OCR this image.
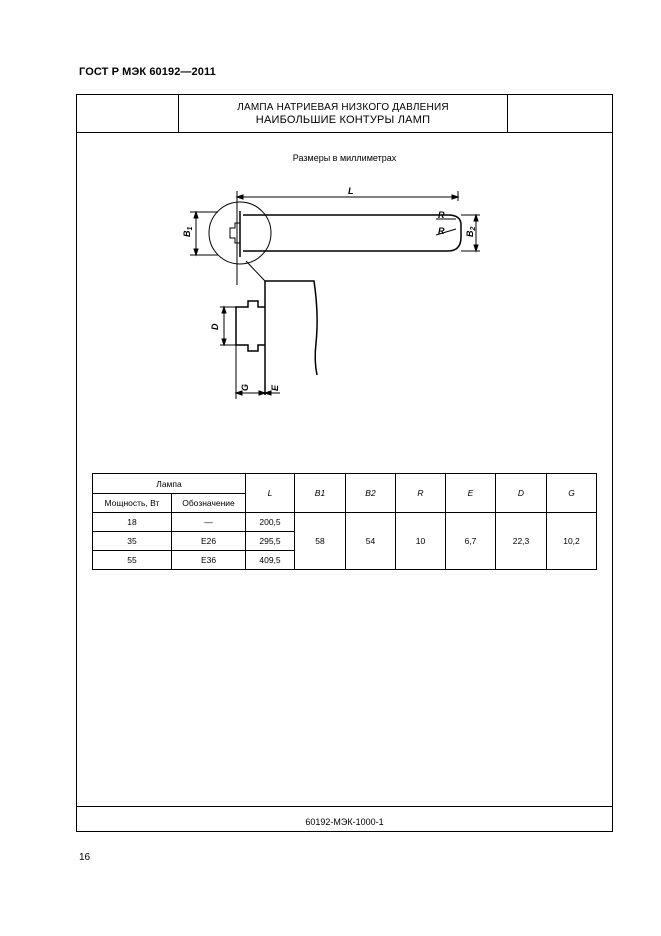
ГОСТ Р МЭК 60192—2011
ЛАМПА НАТРИЕВАЯ НИЗКОГО ДАВЛЕНИЯ
НАИБОЛЬШИЕ КОНТУРЫ ЛАМП
Размеры в миллиметрах
L
$B_1$
$B_2$
R
R
D
G E
Лампа		L	B1	B2	R	E	D	G
Мощность, Вт	Обозначение							
18	—	200,5	58	54	10	6,7	22,3	10,2
35	E26	295,5						
55	E36	409,5						
60192-МЭК-1000-1
16
